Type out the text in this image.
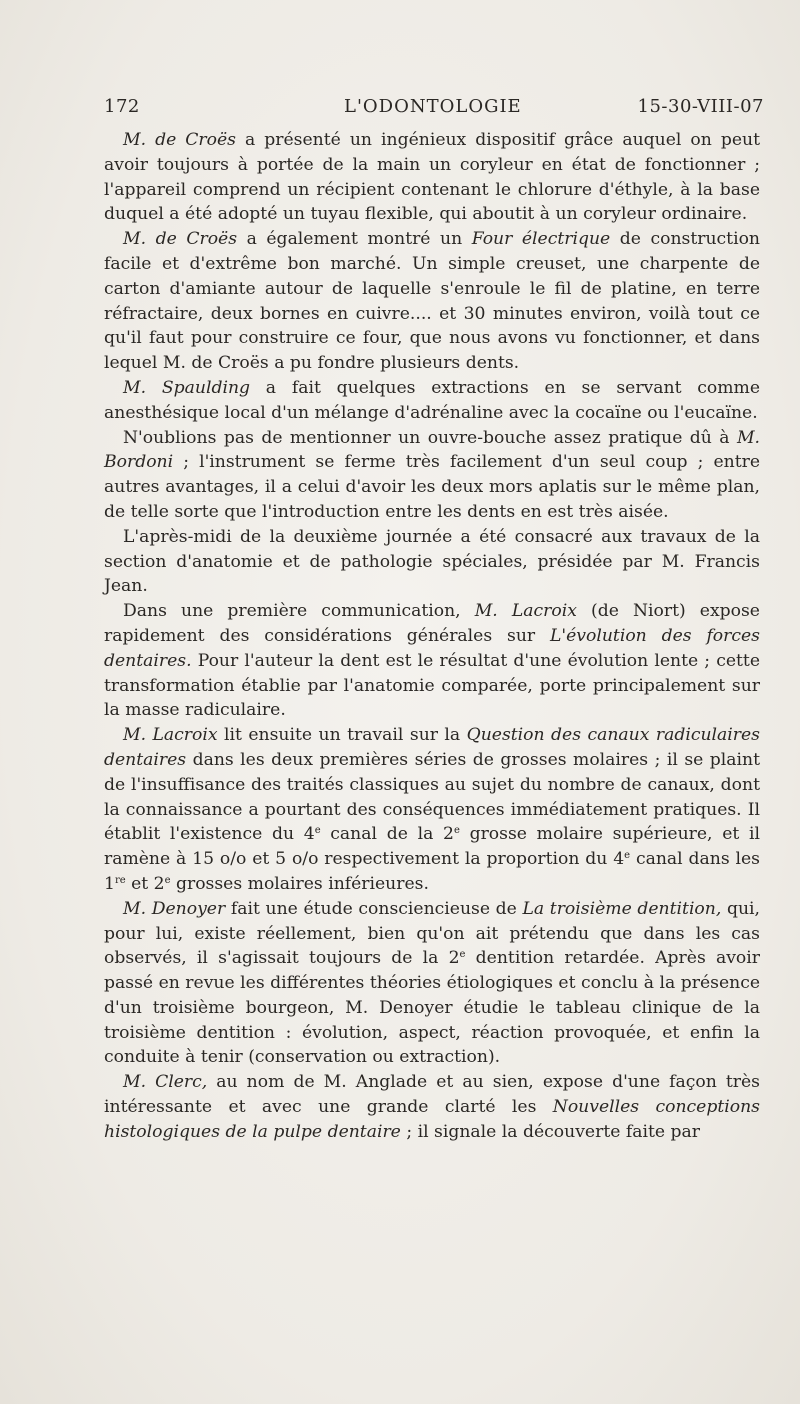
172	L'ODONTOLOGIE	15-30-VIII-07

M. de Croës a présenté un ingénieux dispositif grâce auquel on peut avoir toujours à portée de la main un coryleur en état de fonctionner ; l'appareil comprend un récipient contenant le chlorure d'éthyle, à la base duquel a été adopté un tuyau flexible, qui aboutit à un coryleur ordinaire.

M. de Croës a également montré un Four électrique de construction facile et d'extrême bon marché. Un simple creuset, une charpente de carton d'amiante autour de laquelle s'enroule le fil de platine, en terre réfractaire, deux bornes en cuivre.... et 30 minutes environ, voilà tout ce qu'il faut pour construire ce four, que nous avons vu fonctionner, et dans lequel M. de Croës a pu fondre plusieurs dents.

M. Spaulding a fait quelques extractions en se servant comme anesthésique local d'un mélange d'adrénaline avec la cocaïne ou l'eucaïne.

N'oublions pas de mentionner un ouvre-bouche assez pratique dû à M. Bordoni ; l'instrument se ferme très facilement d'un seul coup ; entre autres avantages, il a celui d'avoir les deux mors aplatis sur le même plan, de telle sorte que l'introduction entre les dents en est très aisée.

L'après-midi de la deuxième journée a été consacré aux travaux de la section d'anatomie et de pathologie spéciales, présidée par M. Francis Jean.

Dans une première communication, M. Lacroix (de Niort) expose rapidement des considérations générales sur L'évolution des forces dentaires. Pour l'auteur la dent est le résultat d'une évolution lente ; cette transformation établie par l'anatomie comparée, porte principalement sur la masse radiculaire.

M. Lacroix lit ensuite un travail sur la Question des canaux radiculaires dentaires dans les deux premières séries de grosses molaires ; il se plaint de l'insuffisance des traités classiques au sujet du nombre de canaux, dont la connaissance a pourtant des conséquences immédiatement pratiques. Il établit l'existence du 4e canal de la 2e grosse molaire supérieure, et il ramène à 15 o/o et 5 o/o respectivement la proportion du 4e canal dans les 1re et 2e grosses molaires inférieures.

M. Denoyer fait une étude consciencieuse de La troisième dentition, qui, pour lui, existe réellement, bien qu'on ait prétendu que dans les cas observés, il s'agissait toujours de la 2e dentition retardée. Après avoir passé en revue les différentes théories étiologiques et conclu à la présence d'un troisième bourgeon, M. Denoyer étudie le tableau clinique de la troisième dentition : évolution, aspect, réaction provoquée, et enfin la conduite à tenir (conservation ou extraction).

M. Clerc, au nom de M. Anglade et au sien, expose d'une façon très intéressante et avec une grande clarté les Nouvelles conceptions histologiques de la pulpe dentaire ; il signale la découverte faite par
